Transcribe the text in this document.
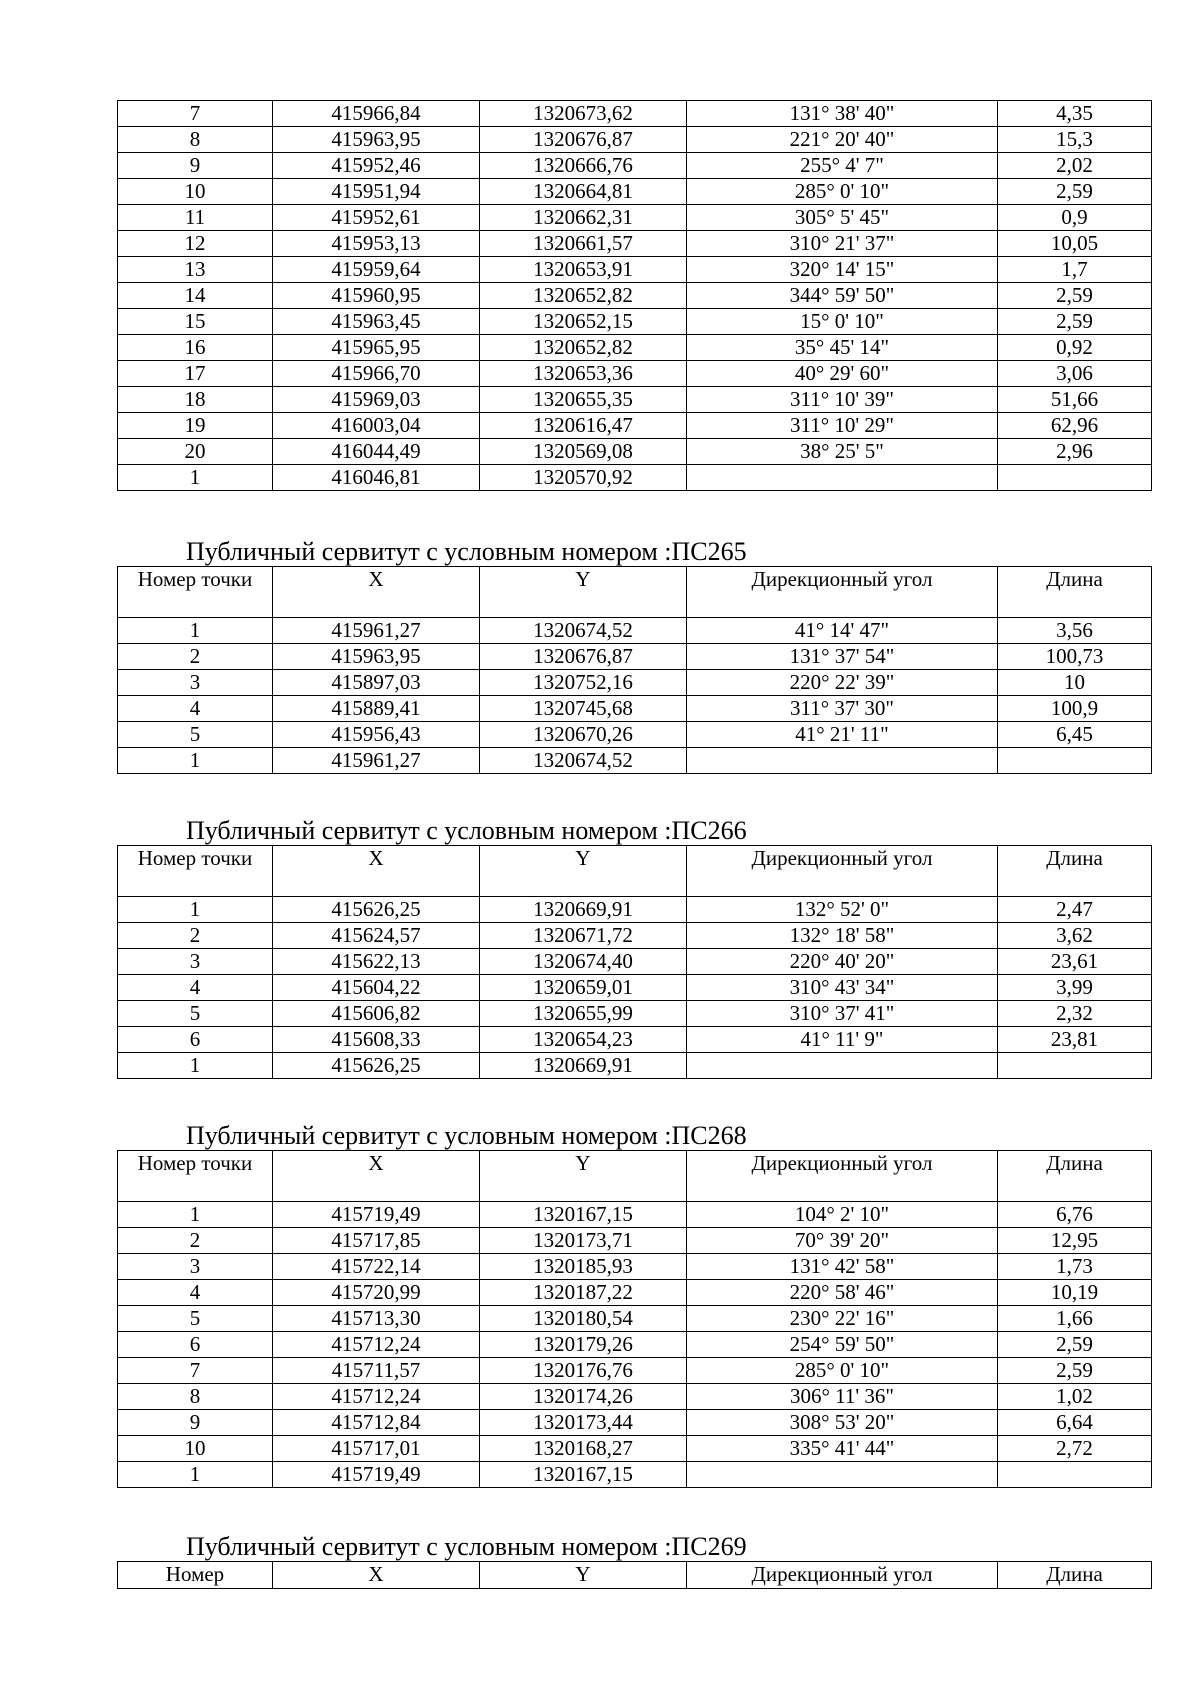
7	415966,84	1320673,62	131° 38' 40"	4,35
8	415963,95	1320676,87	221° 20' 40"	15,3
9	415952,46	1320666,76	255° 4' 7"	2,02
10	415951,94	1320664,81	285° 0' 10"	2,59
11	415952,61	1320662,31	305° 5' 45"	0,9
12	415953,13	1320661,57	310° 21' 37"	10,05
13	415959,64	1320653,91	320° 14' 15"	1,7
14	415960,95	1320652,82	344° 59' 50"	2,59
15	415963,45	1320652,15	15° 0' 10"	2,59
16	415965,95	1320652,82	35° 45' 14"	0,92
17	415966,70	1320653,36	40° 29' 60"	3,06
18	415969,03	1320655,35	311° 10' 39"	51,66
19	416003,04	1320616,47	311° 10' 29"	62,96
20	416044,49	1320569,08	38° 25' 5"	2,96
1	416046,81	1320570,92		
Публичный сервитут с условным номером :ПС265
Номер точки	X	Y	Дирекционный угол	Длина
1	415961,27	1320674,52	41° 14' 47"	3,56
2	415963,95	1320676,87	131° 37' 54"	100,73
3	415897,03	1320752,16	220° 22' 39"	10
4	415889,41	1320745,68	311° 37' 30"	100,9
5	415956,43	1320670,26	41° 21' 11"	6,45
1	415961,27	1320674,52		
Публичный сервитут с условным номером :ПС266
Номер точки	X	Y	Дирекционный угол	Длина
1	415626,25	1320669,91	132° 52' 0"	2,47
2	415624,57	1320671,72	132° 18' 58"	3,62
3	415622,13	1320674,40	220° 40' 20"	23,61
4	415604,22	1320659,01	310° 43' 34"	3,99
5	415606,82	1320655,99	310° 37' 41"	2,32
6	415608,33	1320654,23	41° 11' 9"	23,81
1	415626,25	1320669,91		
Публичный сервитут с условным номером :ПС268
Номер точки	X	Y	Дирекционный угол	Длина
1	415719,49	1320167,15	104° 2' 10"	6,76
2	415717,85	1320173,71	70° 39' 20"	12,95
3	415722,14	1320185,93	131° 42' 58"	1,73
4	415720,99	1320187,22	220° 58' 46"	10,19
5	415713,30	1320180,54	230° 22' 16"	1,66
6	415712,24	1320179,26	254° 59' 50"	2,59
7	415711,57	1320176,76	285° 0' 10"	2,59
8	415712,24	1320174,26	306° 11' 36"	1,02
9	415712,84	1320173,44	308° 53' 20"	6,64
10	415717,01	1320168,27	335° 41' 44"	2,72
1	415719,49	1320167,15		
Публичный сервитут с условным номером :ПС269
Номер	X	Y	Дирекционный угол	Длина
